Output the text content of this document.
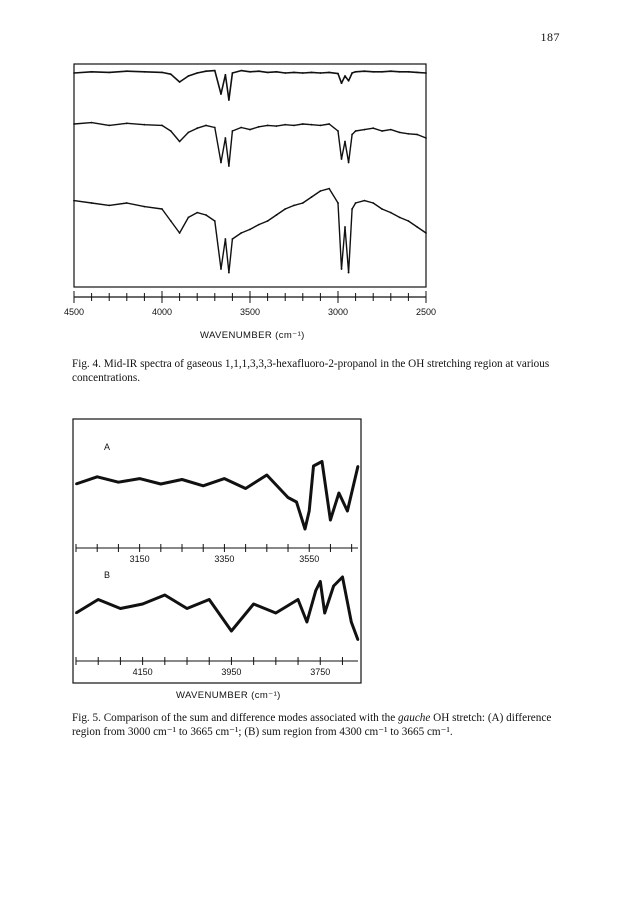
187
4500	4000	3500	3000	2500
WAVENUMBER (cm⁻¹)
Fig. 4. Mid-IR spectra of gaseous 1,1,1,3,3,3-hexafluoro-2-propanol in the OH stretching region at various concentrations.
A
3150	3350	3550
B
4150	3950	3750
WAVENUMBER (cm⁻¹)
Fig. 5. Comparison of the sum and difference modes associated with the gauche OH stretch: (A) difference region from 3000 cm⁻¹ to 3665 cm⁻¹; (B) sum region from 4300 cm⁻¹ to 3665 cm⁻¹.
